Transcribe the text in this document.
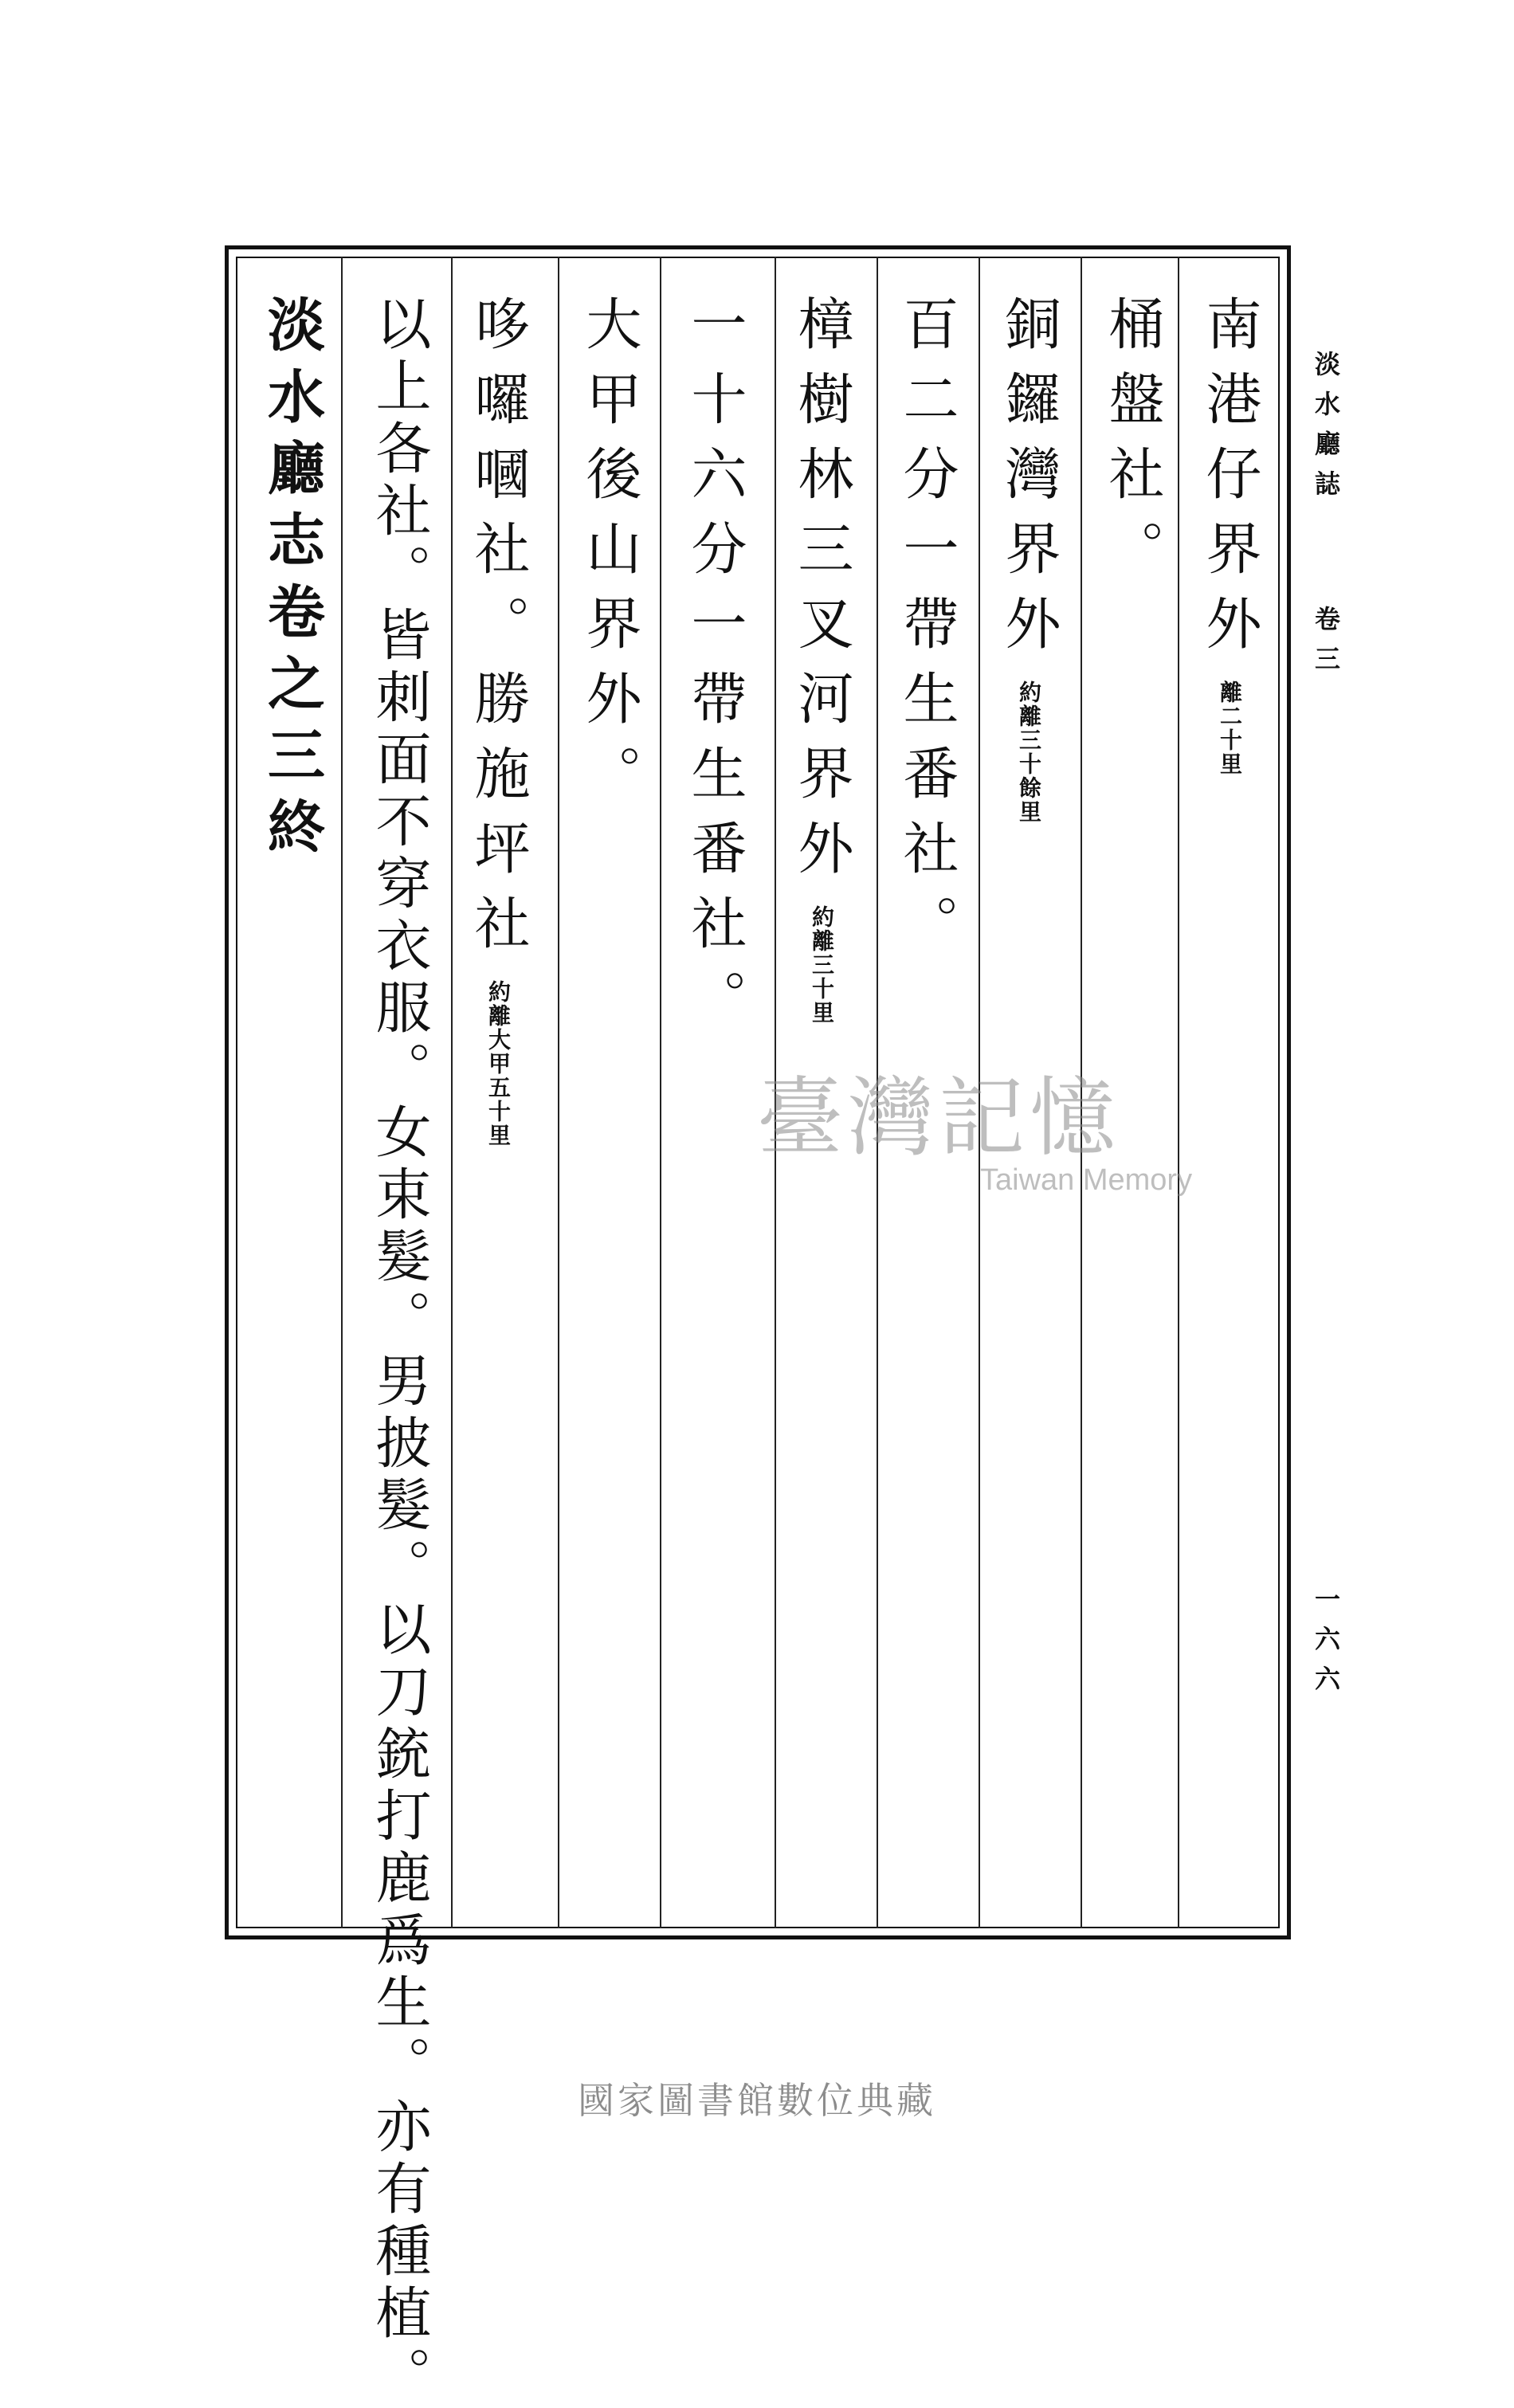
南港仔界外離二十里
桶盤社。
銅鑼灣界外約離三十餘里
百二分一帶生番社。
樟樹林三叉河界外約離三十里
一十六分一帶生番社。
大甲後山界外。
哆囉嘓社。勝施坪社約離大甲五十里
以上各社。皆刺面不穿衣服。女束髮。男披髮。以刀銃打鹿爲生。亦有種植。
淡水廳志卷之三終	淡水廳誌
卷三
一六六
臺灣記憶
Taiwan Memory
國家圖書館數位典藏
